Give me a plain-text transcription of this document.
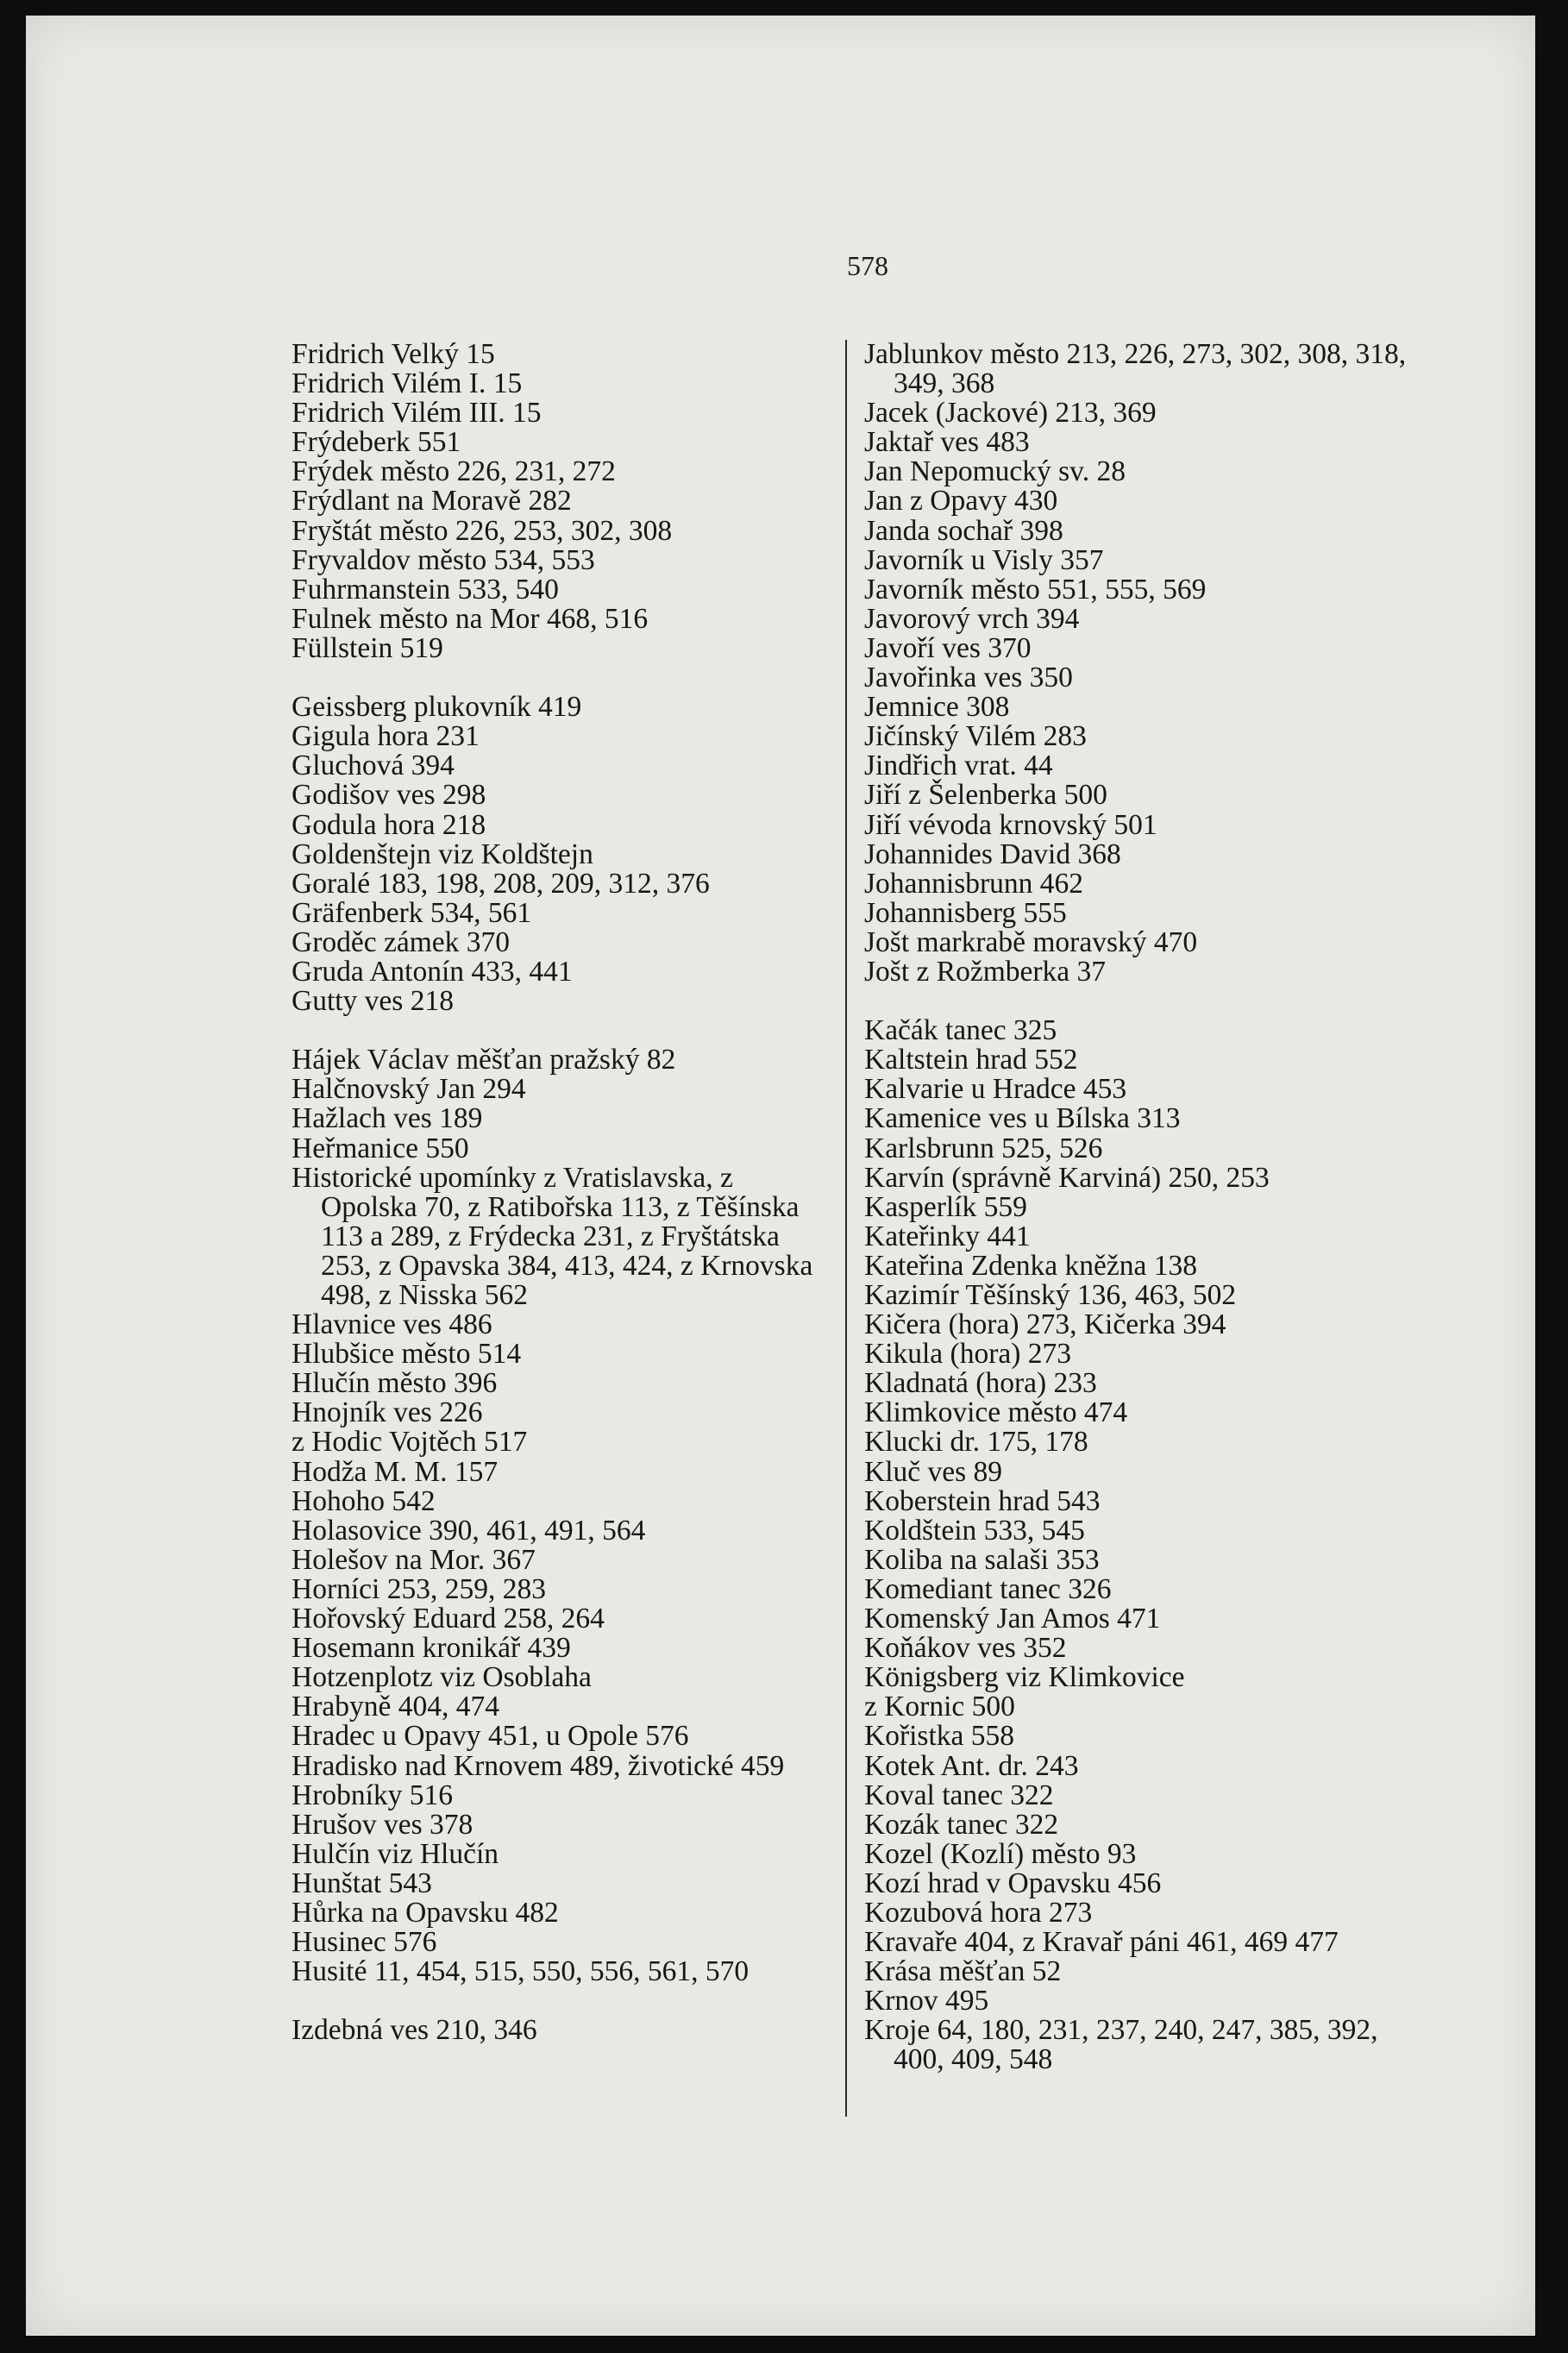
578
Fridrich Velký 15
Fridrich Vilém I. 15
Fridrich Vilém III. 15
Frýdeberk 551
Frýdek město 226, 231, 272
Frýdlant na Moravě 282
Fryštát město 226, 253, 302, 308
Fryvaldov město 534, 553
Fuhrmanstein 533, 540
Fulnek město na Mor 468, 516
Füllstein 519
Geissberg plukovník 419
Gigula hora 231
Gluchová 394
Godišov ves 298
Godula hora 218
Goldenštejn viz Koldštejn
Goralé 183, 198, 208, 209, 312, 376
Gräfenberk 534, 561
Groděc zámek 370
Gruda Antonín 433, 441
Gutty ves 218
Hájek Václav měšťan pražský 82
Halčnovský Jan 294
Hažlach ves 189
Heřmanice 550
Historické upomínky z Vratislavska, z Opolska 70, z Ratibořska 113, z Těšínska 113 a 289, z Frýdecka 231, z Fryštátska 253, z Opavska 384, 413, 424, z Krnovska 498, z Nisska 562
Hlavnice ves 486
Hlubšice město 514
Hlučín město 396
Hnojník ves 226
z Hodic Vojtěch 517
Hodža M. M. 157
Hohoho 542
Holasovice 390, 461, 491, 564
Holešov na Mor. 367
Horníci 253, 259, 283
Hořovský Eduard 258, 264
Hosemann kronikář 439
Hotzenplotz viz Osoblaha
Hrabyně 404, 474
Hradec u Opavy 451, u Opole 576
Hradisko nad Krnovem 489, životické 459
Hrobníky 516
Hrušov ves 378
Hulčín viz Hlučín
Hunštat 543
Hůrka na Opavsku 482
Husinec 576
Husité 11, 454, 515, 550, 556, 561, 570
Izdebná ves 210, 346
Jablunkov město 213, 226, 273, 302, 308, 318, 349, 368
Jacek (Jackové) 213, 369
Jaktař ves 483
Jan Nepomucký sv. 28
Jan z Opavy 430
Janda sochař 398
Javorník u Visly 357
Javorník město 551, 555, 569
Javorový vrch 394
Javoří ves 370
Javořinka ves 350
Jemnice 308
Jičínský Vilém 283
Jindřich vrat. 44
Jiří z Šelenberka 500
Jiří vévoda krnovský 501
Johannides David 368
Johannisbrunn 462
Johannisberg 555
Jošt markrabě moravský 470
Jošt z Rožmberka 37
Kačák tanec 325
Kaltstein hrad 552
Kalvarie u Hradce 453
Kamenice ves u Bílska 313
Karlsbrunn 525, 526
Karvín (správně Karviná) 250, 253
Kasperlík 559
Kateřinky 441
Kateřina Zdenka kněžna 138
Kazimír Těšínský 136, 463, 502
Kičera (hora) 273, Kičerka 394
Kikula (hora) 273
Kladnatá (hora) 233
Klimkovice město 474
Klucki dr. 175, 178
Kluč ves 89
Koberstein hrad 543
Koldštein 533, 545
Koliba na salaši 353
Komediant tanec 326
Komenský Jan Amos 471
Koňákov ves 352
Königsberg viz Klimkovice
z Kornic 500
Kořistka 558
Kotek Ant. dr. 243
Koval tanec 322
Kozák tanec 322
Kozel (Kozlí) město 93
Kozí hrad v Opavsku 456
Kozubová hora 273
Kravaře 404, z Kravař páni 461, 469 477
Krása měšťan 52
Krnov 495
Kroje 64, 180, 231, 237, 240, 247, 385, 392, 400, 409, 548
